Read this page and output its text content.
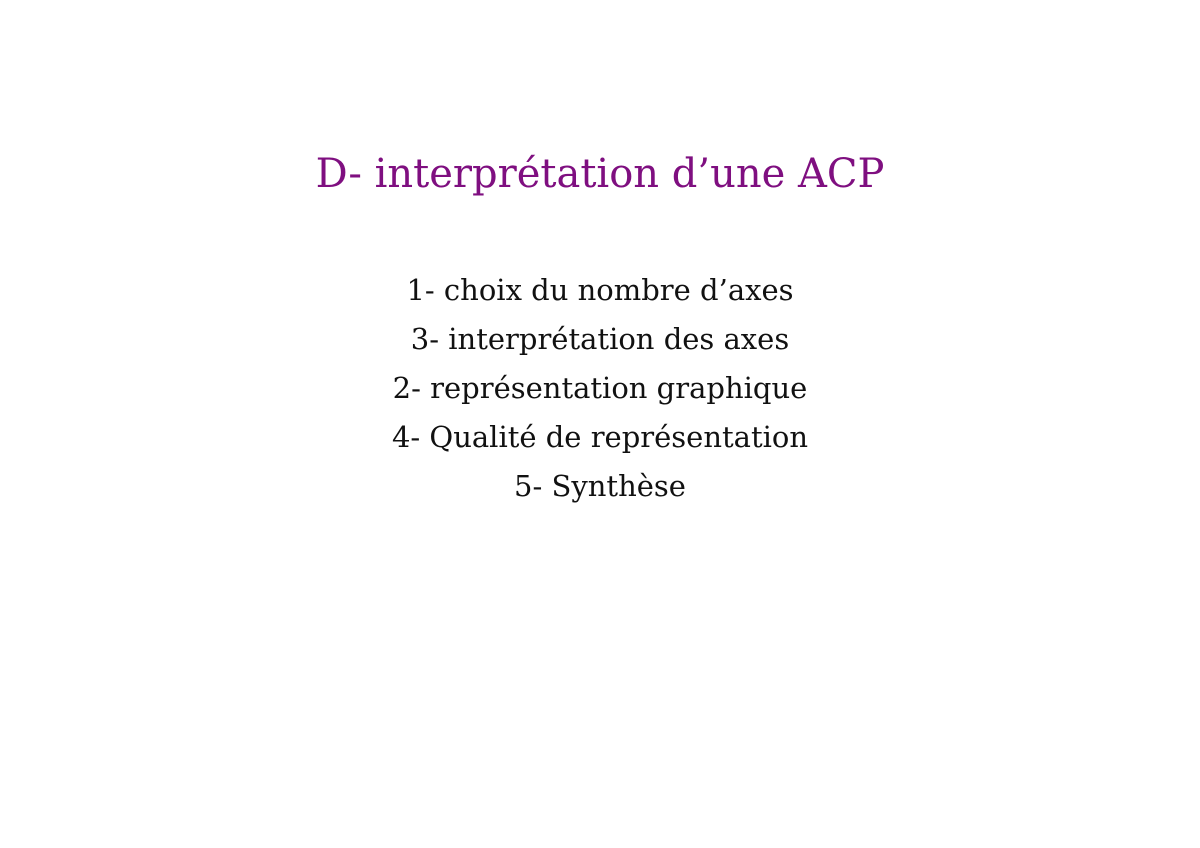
D- interprétation d’une ACP
1- choix du nombre d’axes
3- interprétation des axes
2- représentation graphique
4- Qualité de représentation
5- Synthèse
